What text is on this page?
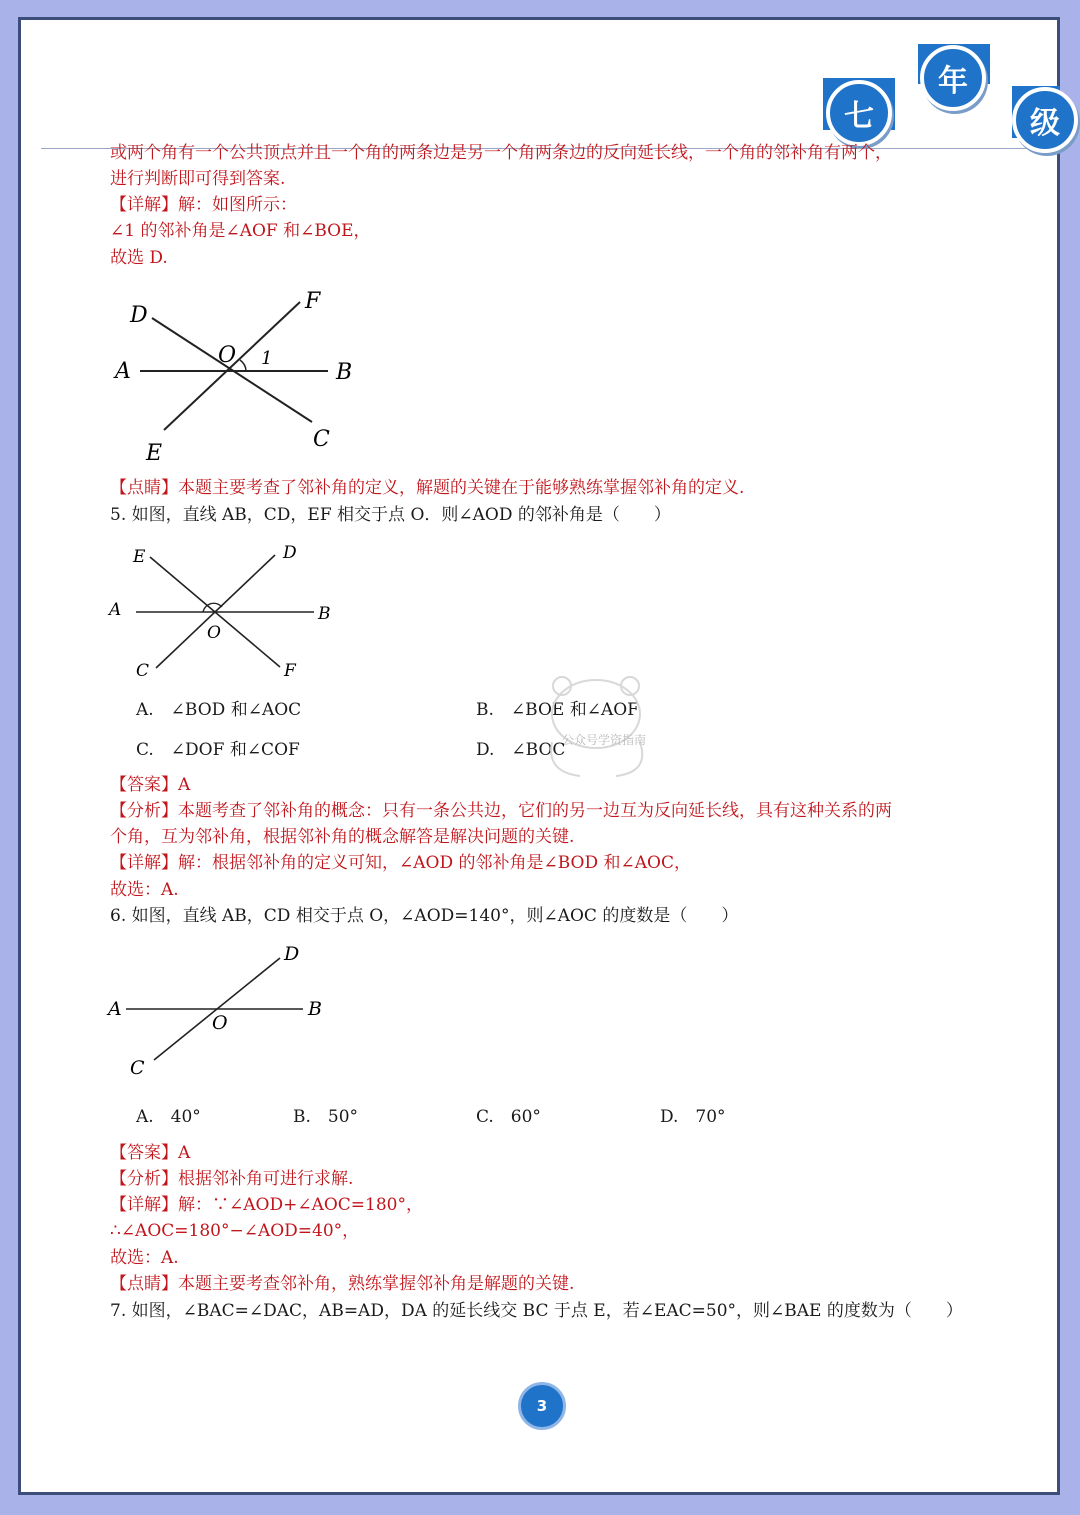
七
年
级
或两个角有一个公共顶点并且一个角的两条边是另一个角两条边的反向延长线，一个角的邻补角有两个，
进行判断即可得到答案.
【详解】解：如图所示：
∠1 的邻补角是∠AOF 和∠BOE，
故选 D.
D
F
A
O 1
B
E
C
【点睛】本题主要考查了邻补角的定义，解题的关键在于能够熟练掌握邻补角的定义.
5. 如图，直线 AB，CD，EF 相交于点 O．则∠AOD 的邻补角是（　　）
E	D
A	B
O
C	F
A.　∠BOD 和∠AOC	B.　∠BOE 和∠AOF
C.　∠DOF 和∠COF	D.　∠BOC
公众号学资指南
【答案】A
【分析】本题考查了邻补角的概念：只有一条公共边，它们的另一边互为反向延长线，具有这种关系的两
个角，互为邻补角，根据邻补角的概念解答是解决问题的关键.
【详解】解：根据邻补角的定义可知，∠AOD 的邻补角是∠BOD 和∠AOC，
故选：A.
6. 如图，直线 AB，CD 相交于点 O，∠AOD=140°，则∠AOC 的度数是（　　）
D
A	B
O
C
A.　40°	B.　50°	C.　60°	D.　70°
【答案】A
【分析】根据邻补角可进行求解.
【详解】解：∵∠AOD+∠AOC=180°，
∴∠AOC=180°−∠AOD=40°，
故选：A.
【点睛】本题主要考查邻补角，熟练掌握邻补角是解题的关键.
7. 如图，∠BAC=∠DAC，AB=AD，DA 的延长线交 BC 于点 E，若∠EAC=50°，则∠BAE 的度数为（　　）
3
